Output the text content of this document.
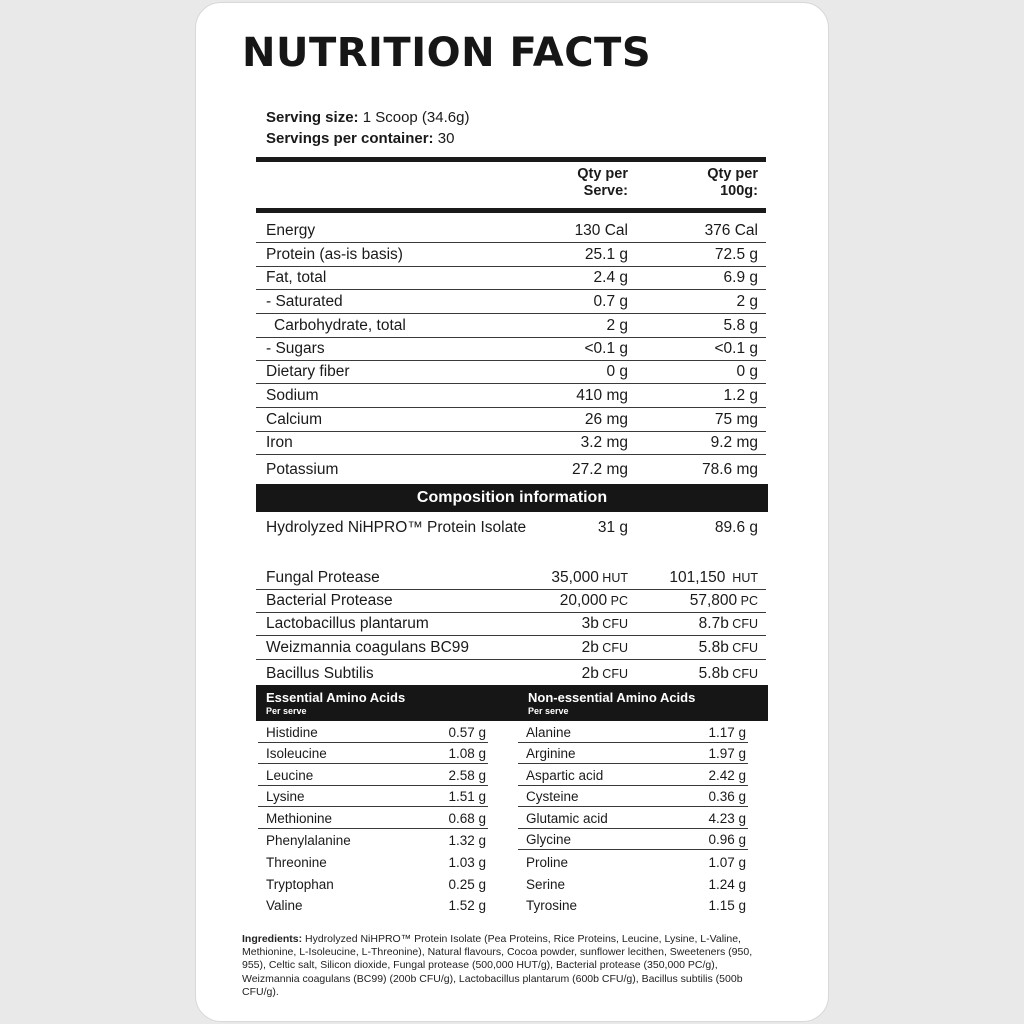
NUTRITION FACTS
Serving size: 1 Scoop (34.6g)
Servings per container: 30
Qty per
Serve:
Qty per
100g:
Energy	130 Cal	376 Cal
Protein (as-is basis)	25.1 g	72.5 g
Fat, total	2.4 g	6.9 g
- Saturated	0.7 g	2 g
Carbohydrate, total	2 g	5.8 g
- Sugars	<0.1 g	<0.1 g
Dietary fiber	0 g	0 g
Sodium	410 mg	1.2 g
Calcium	26 mg	75 mg
Iron	3.2 mg	9.2 mg
Potassium	27.2 mg	78.6 mg
Composition information
Hydrolyzed NiHPRO™ Protein Isolate	31 g	89.6 g
Fungal Protease	35,000 HUT	101,150  HUT
Bacterial Protease	20,000 PC	57,800 PC
Lactobacillus plantarum	3b CFU	8.7b CFU
Weizmannia coagulans BC99	2b CFU	5.8b CFU
Bacillus Subtilis	2b CFU	5.8b CFU
Essential Amino Acids
Per serve
Non-essential Amino Acids
Per serve
Histidine	0.57 g
Isoleucine	1.08 g
Leucine	2.58 g
Lysine	1.51 g
Methionine	0.68 g
Phenylalanine	1.32 g
Threonine	1.03 g
Tryptophan	0.25 g
Valine	1.52 g
Alanine	1.17 g
Arginine	1.97 g
Aspartic acid	2.42 g
Cysteine	0.36 g
Glutamic acid	4.23 g
Glycine	0.96 g
Proline	1.07 g
Serine	1.24 g
Tyrosine	1.15 g

Ingredients: Hydrolyzed NiHPRO™ Protein Isolate (Pea Proteins, Rice Proteins, Leucine, Lysine, L-Valine, Methionine, L-Isoleucine, L-Threonine), Natural flavours, Cocoa powder, sunflower lecithen, Sweeteners (950, 955), Celtic salt, Silicon dioxide, Fungal protease (500,000 HUT/g), Bacterial protease (350,000 PC/g), Weizmannia coagulans (BC99) (200b CFU/g), Lactobacillus plantarum (600b CFU/g), Bacillus subtilis (500b CFU/g).
